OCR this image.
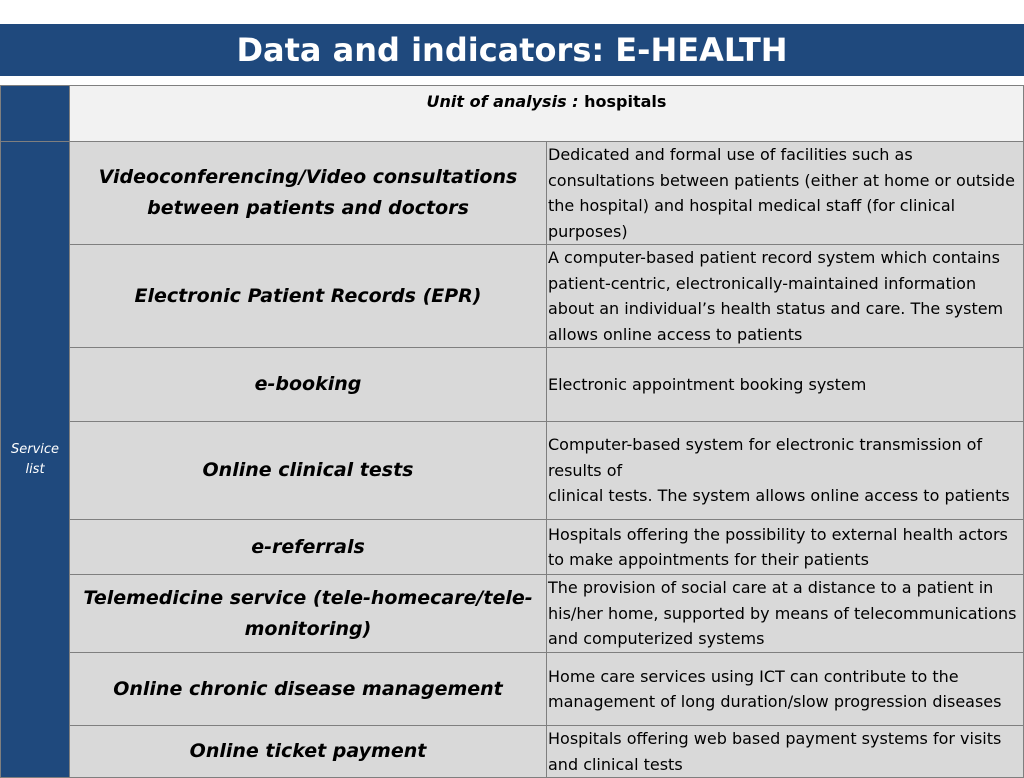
Data and indicators: E-HEALTH
	Unit of analysis : hospitals	

Service
list	Videoconferencing/Video consultations between patients and doctors	Dedicated and formal use of facilities such as consultations between patients (either at home or outside the hospital) and hospital medical staff (for clinical purposes)
	Electronic Patient Records (EPR)	A computer-based patient record system which contains patient-centric, electronically-maintained information about an individual’s health status and care. The system allows online access to patients
	e-booking	Electronic appointment booking system
	Online clinical tests	Computer-based system for electronic transmission of results of
clinical tests. The system allows online access to patients
	e-referrals	Hospitals offering the possibility to external health actors to make appointments for their patients
	Telemedicine service (tele-homecare/tele-monitoring)	The provision of social care at a distance to a patient in his/her home, supported by means of telecommunications and computerized systems
	Online chronic disease management	Home care services using ICT can contribute to the management of long duration/slow progression diseases
	Online ticket payment	Hospitals offering web based payment systems for visits and clinical tests
